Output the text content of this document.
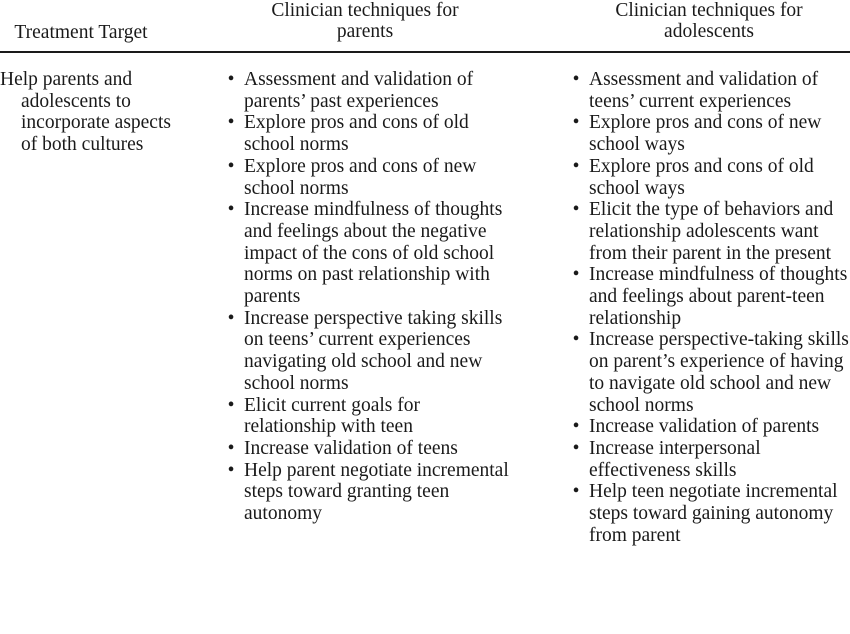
Treatment Target
Clinician techniques for
parents
Clinician techniques for
adolescents
Help parents and adolescents to incorporate aspects of both cultures
• Assessment and validation of parents’ past experiences
• Explore pros and cons of old school norms
• Explore pros and cons of new school norms
• Increase mindfulness of thoughts and feelings about the negative impact of the cons of old school norms on past relationship with parents
• Increase perspective taking skills on teens’ current experiences navigating old school and new school norms
• Elicit current goals for relationship with teen
• Increase validation of teens
• Help parent negotiate incremental steps toward granting teen autonomy
• Assessment and validation of teens’ current experiences
• Explore pros and cons of new school ways
• Explore pros and cons of old school ways
• Elicit the type of behaviors and relationship adolescents want from their parent in the present
• Increase mindfulness of thoughts and feelings about parent-teen relationship
• Increase perspective-taking skills on parent’s experience of having to navigate old school and new school norms
• Increase validation of parents
• Increase interpersonal effectiveness skills
• Help teen negotiate incremental steps toward gaining autonomy from parent
